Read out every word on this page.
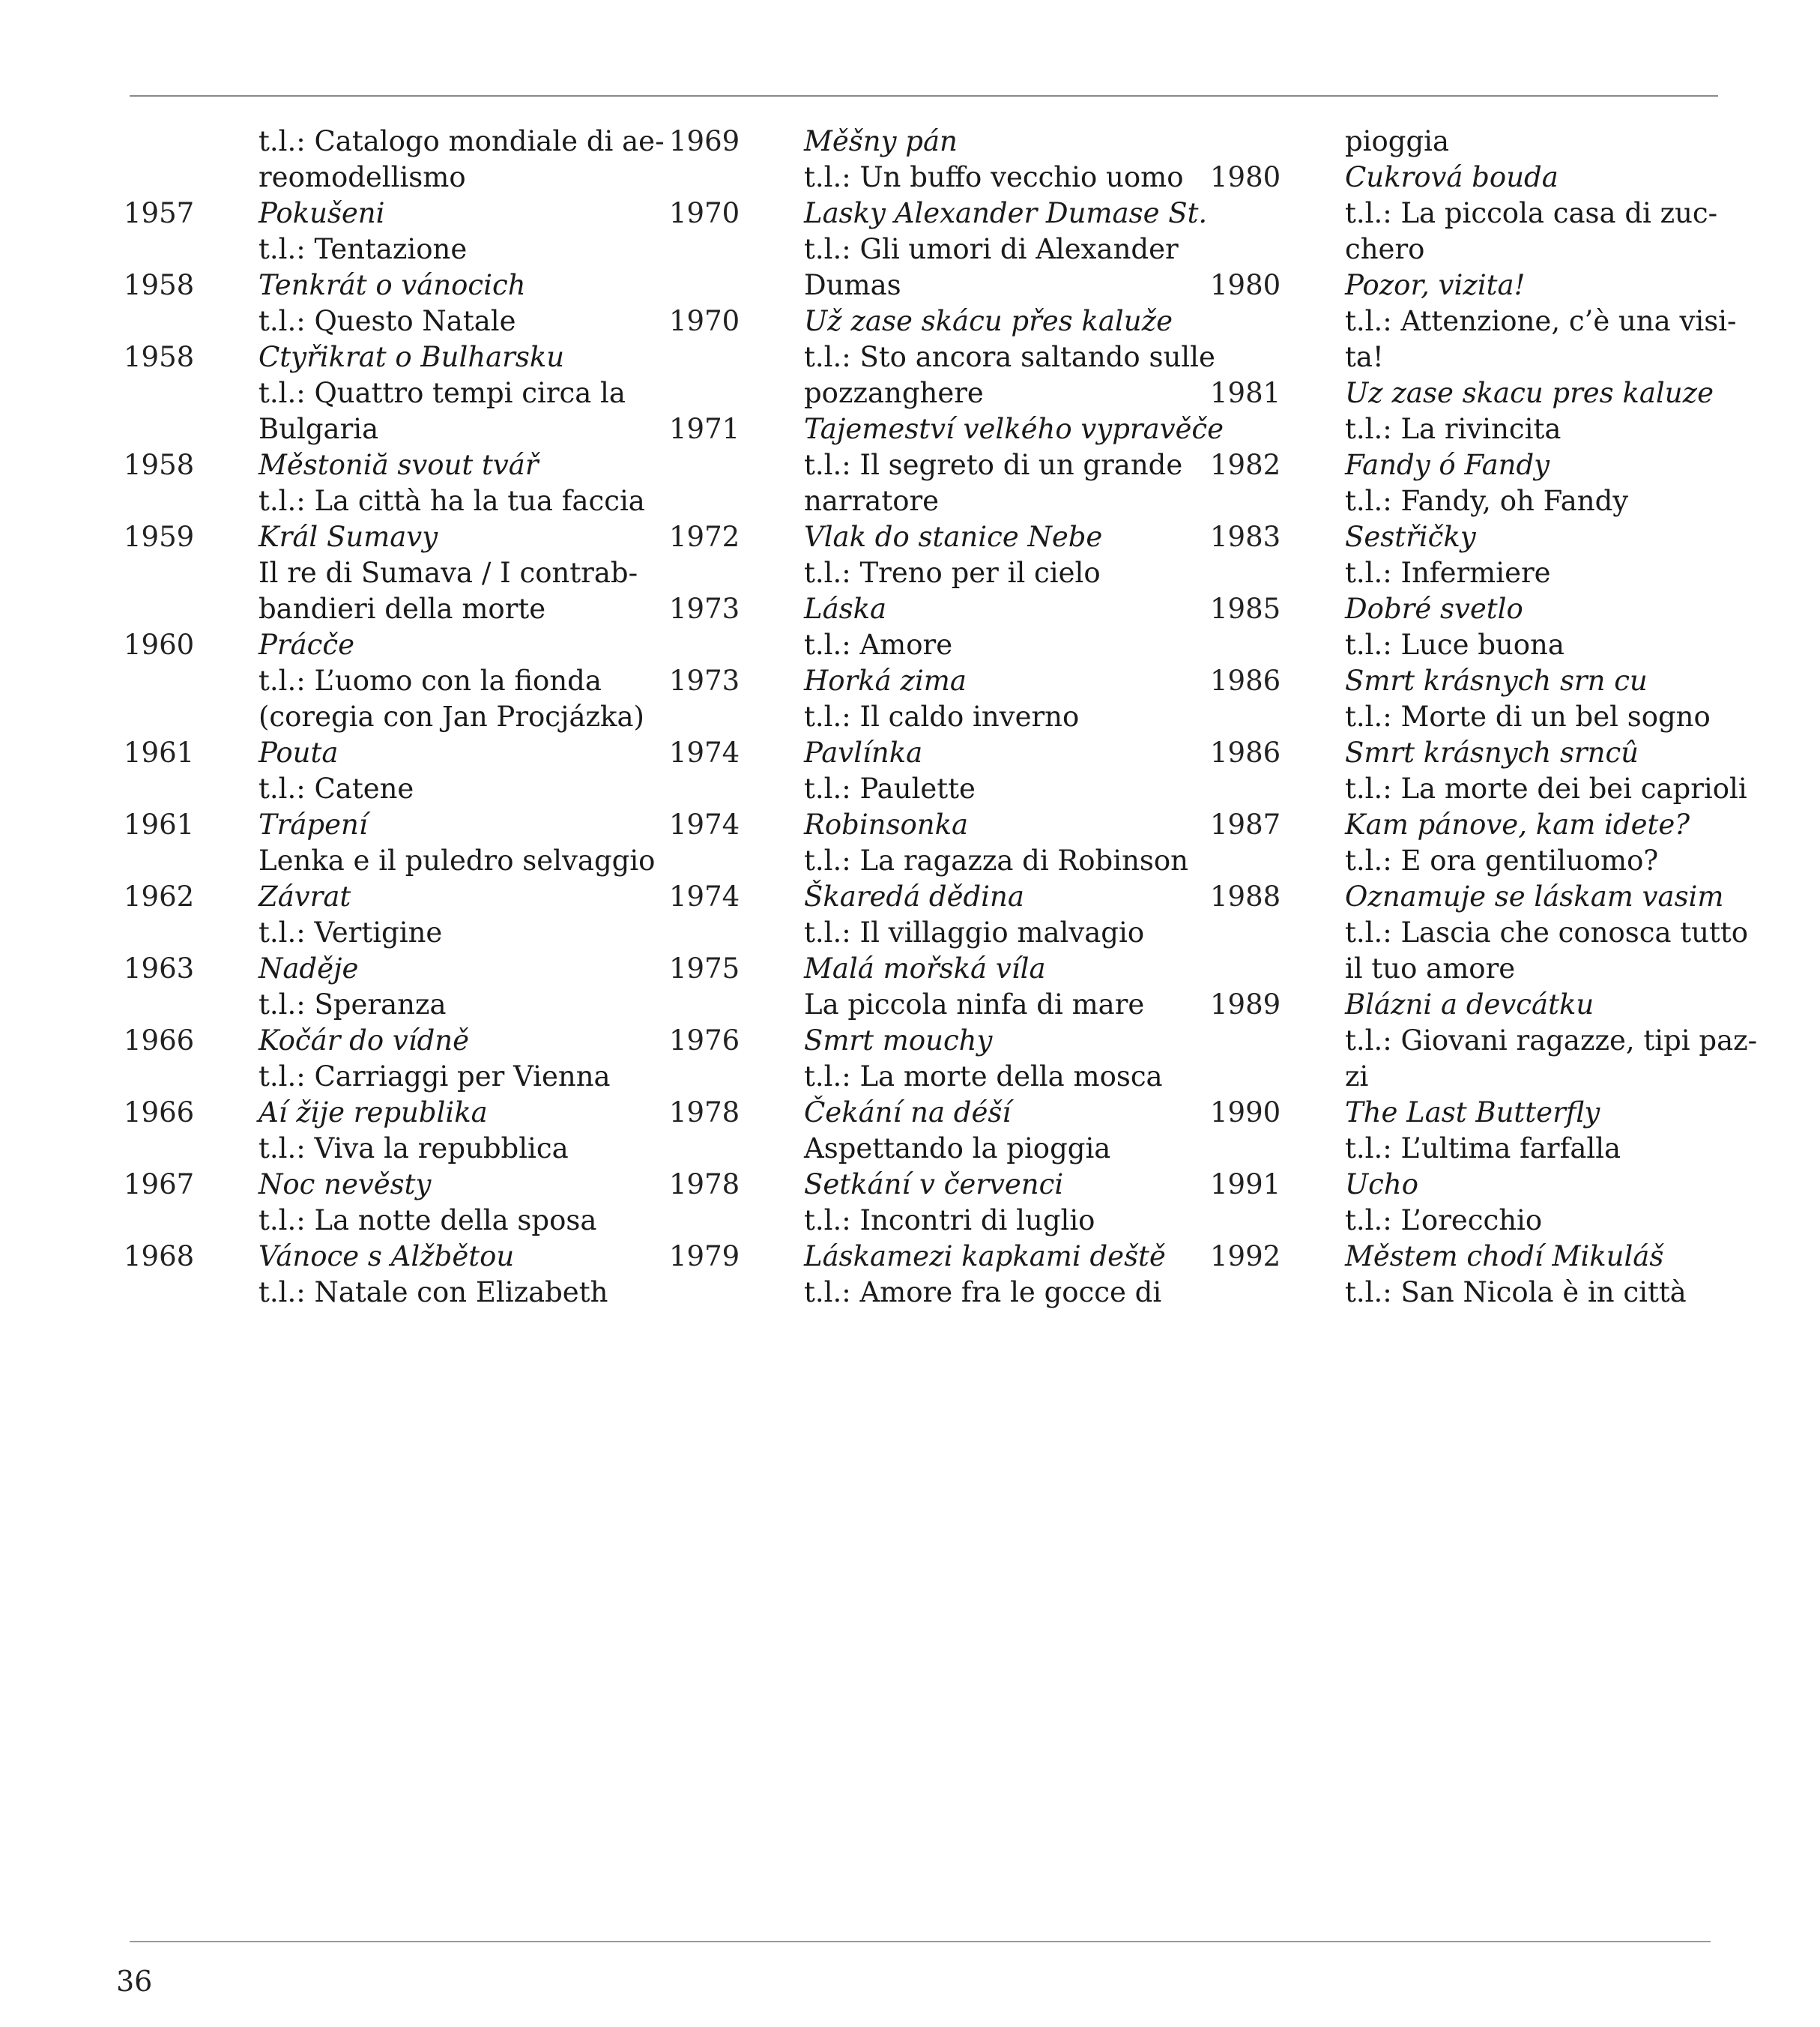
t.l.: Catalogo mondiale di ae-
reomodellismo
1957	Pokušeni
t.l.: Tentazione
1958	Tenkrát o vánocich
t.l.: Questo Natale
1958	Ctyřikrat o Bulharsku
t.l.: Quattro tempi circa la
Bulgaria
1958	Městoniă svout tvář
t.l.: La città ha la tua faccia
1959	Král Sumavy
Il re di Sumava / I contrab-
bandieri della morte
1960	Prácče
t.l.: L’uomo con la fionda
(coregia con Jan Procjázka)
1961	Pouta
t.l.: Catene
1961	Trápení
Lenka e il puledro selvaggio
1962	Závrat
t.l.: Vertigine
1963	Naděje
t.l.: Speranza
1966	Kočár do vídně
t.l.: Carriaggi per Vienna
1966	Aí žije republika
t.l.: Viva la repubblica
1967	Noc nevěsty
t.l.: La notte della sposa
1968	Vánoce s Alžbětou
t.l.: Natale con Elizabeth
1969	Měšny pán
t.l.: Un buffo vecchio uomo
1970	Lasky Alexander Dumase St.
t.l.: Gli umori di Alexander
Dumas
1970	Už zase skácu přes kaluže
t.l.: Sto ancora saltando sulle
pozzanghere
1971	Tajemeství velkého vypravěče
t.l.: Il segreto di un grande
narratore
1972	Vlak do stanice Nebe
t.l.: Treno per il cielo
1973	Láska
t.l.: Amore
1973	Horká zima
t.l.: Il caldo inverno
1974	Pavlínka
t.l.: Paulette
1974	Robinsonka
t.l.: La ragazza di Robinson
1974	Škaredá dědina
t.l.: Il villaggio malvagio
1975	Malá mořská víla
La piccola ninfa di mare
1976	Smrt mouchy
t.l.: La morte della mosca
1978	Čekání na déší
Aspettando la pioggia
1978	Setkání v červenci
t.l.: Incontri di luglio
1979	Láskamezi kapkami deště
t.l.: Amore fra le gocce di
pioggia
1980	Cukrová bouda
t.l.: La piccola casa di zuc-
chero
1980	Pozor, vizita!
t.l.: Attenzione, c’è una visi-
ta!
1981	Uz zase skacu pres kaluze
t.l.: La rivincita
1982	Fandy ó Fandy
t.l.: Fandy, oh Fandy
1983	Sestřičky
t.l.: Infermiere
1985	Dobré svetlo
t.l.: Luce buona
1986	Smrt krásnych srn cu
t.l.: Morte di un bel sogno
1986	Smrt krásnych srncû
t.l.: La morte dei bei caprioli
1987	Kam pánove, kam idete?
t.l.: E ora gentiluomo?
1988	Oznamuje se láskam vasim
t.l.: Lascia che conosca tutto
il tuo amore
1989	Blázni a devcátku
t.l.: Giovani ragazze, tipi paz-
zi
1990	The Last Butterfly
t.l.: L’ultima farfalla
1991	Ucho
t.l.: L’orecchio
1992	Městem chodí Mikuláš
t.l.: San Nicola è in città
36
